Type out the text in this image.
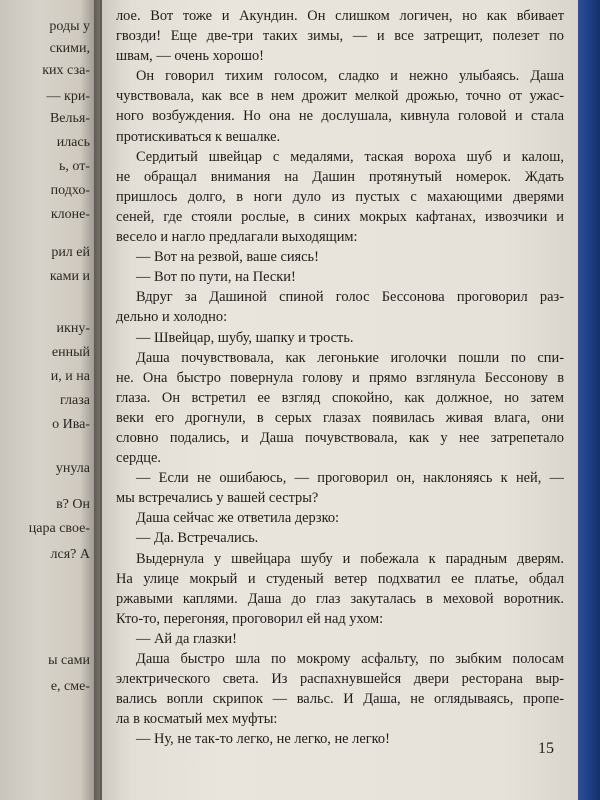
роды у
скими,
ких сза-
— кри-
Велья-
илась
ь, от-
подхо-
клоне-
рил ей
ками и
икну-
енный
и, и на
глаза
о Ива-
унула
в? Он
цара свое-
лся? А
ы сами
е, сме-
лое. Вот тоже и Акундин. Он слишком логичен, но как вбивает
гвозди! Еще две-три таких зимы, — и все затрещит, полезет по
швам, — очень хорошо!
Он говорил тихим голосом, сладко и нежно улыбаясь. Даша
чувствовала, как все в нем дрожит мелкой дрожью, точно от ужас-
ного возбуждения. Но она не дослушала, кивнула головой и стала
протискиваться к вешалке.
Сердитый швейцар с медалями, таская вороха шуб и калош,
не обращал внимания на Дашин протянутый номерок. Ждать
пришлось долго, в ноги дуло из пустых с махающими дверями
сеней, где стояли рослые, в синих мокрых кафтанах, извозчики и
весело и нагло предлагали выходящим:
— Вот на резвой, ваше сиясь!
— Вот по пути, на Пески!
Вдруг за Дашиной спиной голос Бессонова проговорил раз-
дельно и холодно:
— Швейцар, шубу, шапку и трость.
Даша почувствовала, как легонькие иголочки пошли по спи-
не. Она быстро повернула голову и прямо взглянула Бессонову в
глаза. Он встретил ее взгляд спокойно, как должное, но затем
веки его дрогнули, в серых глазах появилась живая влага, они
словно подались, и Даша почувствовала, как у нее затрепетало
сердце.
— Если не ошибаюсь, — проговорил он, наклоняясь к ней, —
мы встречались у вашей сестры?
Даша сейчас же ответила дерзко:
— Да. Встречались.
Выдернула у швейцара шубу и побежала к парадным дверям.
На улице мокрый и студеный ветер подхватил ее платье, обдал
ржавыми каплями. Даша до глаз закуталась в меховой воротник.
Кто-то, перегоняя, проговорил ей над ухом:
— Ай да глазки!
Даша быстро шла по мокрому асфальту, по зыбким полосам
электрического света. Из распахнувшейся двери ресторана выр-
вались вопли скрипок — вальс. И Даша, не оглядываясь, пропе-
ла в косматый мех муфты:
— Ну, не так-то легко, не легко, не легко!
15
